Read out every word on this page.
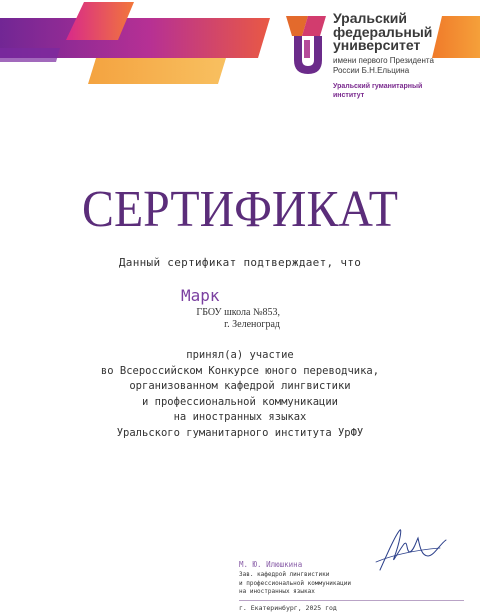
Уральский
федеральный
университет
имени первого Президента
России Б.Н.Ельцина
Уральский гуманитарный
институт
СЕРТИФИКАТ
Данный сертификат подтверждает, что
Марк
ГБОУ школа №853,
г. Зеленоград
принял(а) участие
во Всероссийском Конкурсе юного переводчика,
организованном кафедрой лингвистики
и профессиональной коммуникации
на иностранных языках
Уральского гуманитарного института УрФУ
М. Ю. Илюшкина
Зав. кафедрой лингвистики
и профессиональной коммуникации
на иностранных языках
г. Екатеринбург, 2025 год
